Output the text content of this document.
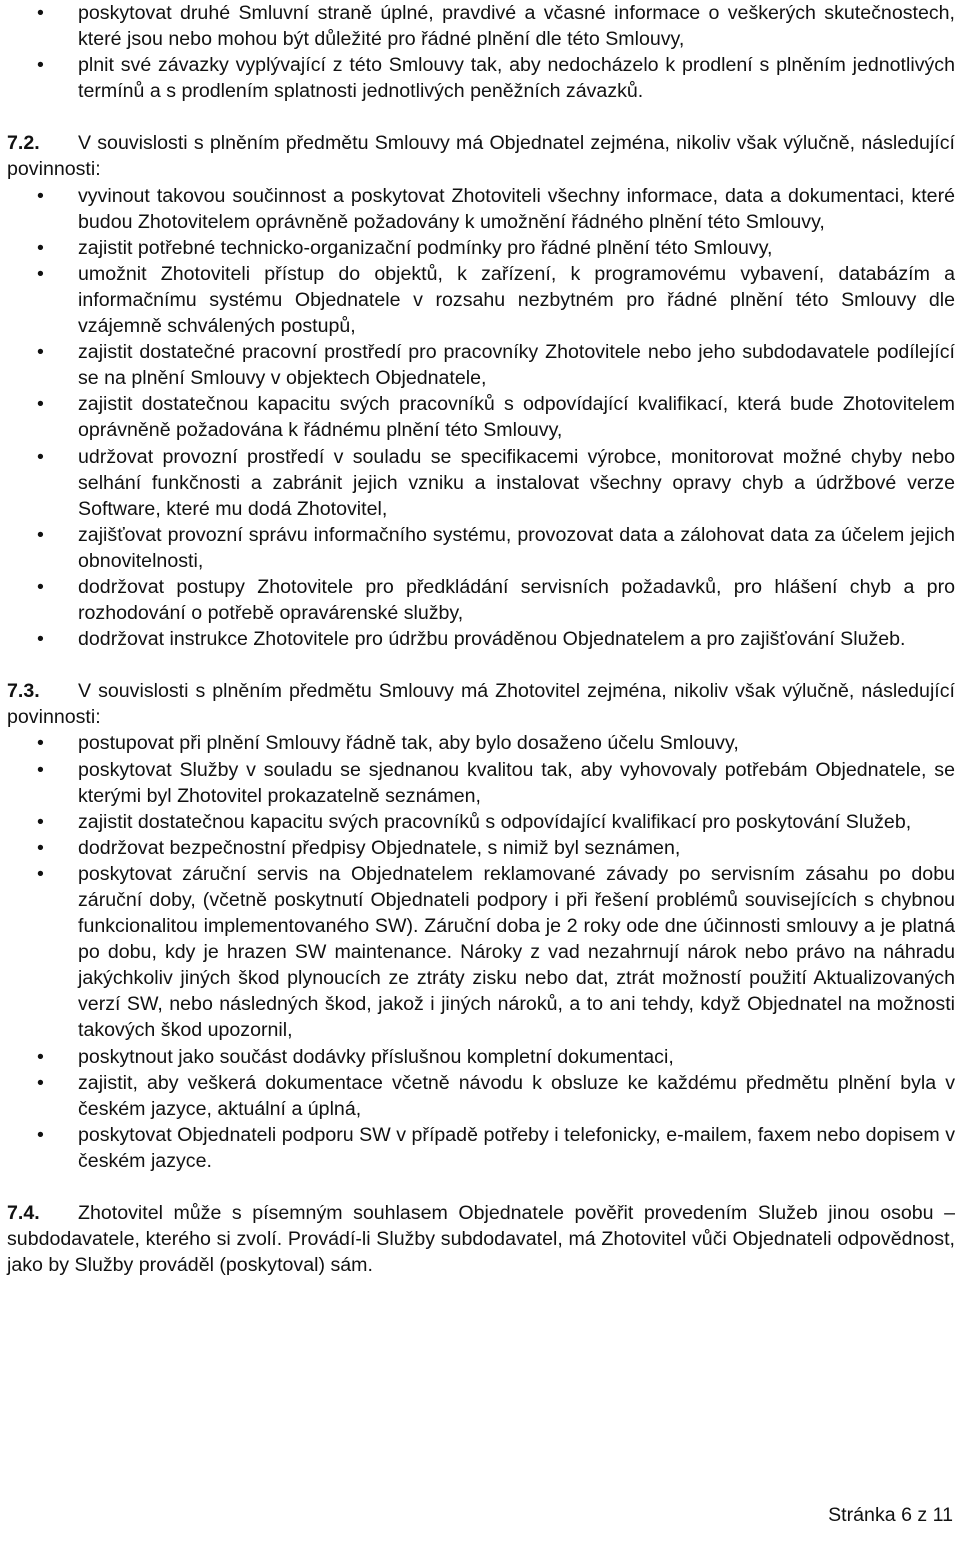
• poskytovat druhé Smluvní straně úplné, pravdivé a včasné informace o veškerých skutečnostech, které jsou nebo mohou být důležité pro řádné plnění dle této Smlouvy,
• plnit své závazky vyplývající z této Smlouvy tak, aby nedocházelo k prodlení s plněním jednotlivých termínů a s prodlením splatnosti jednotlivých peněžních závazků.

7.2. V souvislosti s plněním předmětu Smlouvy má Objednatel zejména, nikoliv však výlučně, následující povinnosti:

• vyvinout takovou součinnost a poskytovat Zhotoviteli všechny informace, data a dokumentaci, které budou Zhotovitelem oprávněně požadovány k umožnění řádného plnění této Smlouvy,
• zajistit potřebné technicko-organizační podmínky pro řádné plnění této Smlouvy,
• umožnit Zhotoviteli přístup do objektů, k zařízení, k programovému vybavení, databázím a informačnímu systému Objednatele v rozsahu nezbytném pro řádné plnění této Smlouvy dle vzájemně schválených postupů,
• zajistit dostatečné pracovní prostředí pro pracovníky Zhotovitele nebo jeho subdodavatele podílející se na plnění Smlouvy v objektech Objednatele,
• zajistit dostatečnou kapacitu svých pracovníků s odpovídající kvalifikací, která bude Zhotovitelem oprávněně požadována k řádnému plnění této Smlouvy,
• udržovat provozní prostředí v souladu se specifikacemi výrobce, monitorovat možné chyby nebo selhání funkčnosti a zabránit jejich vzniku a instalovat všechny opravy chyb a údržbové verze Software, které mu dodá Zhotovitel,
• zajišťovat provozní správu informačního systému, provozovat data a zálohovat data za účelem jejich obnovitelnosti,
• dodržovat postupy Zhotovitele pro předkládání servisních požadavků, pro hlášení chyb a pro rozhodování o potřebě opravárenské služby,
• dodržovat instrukce Zhotovitele pro údržbu prováděnou Objednatelem a pro zajišťování Služeb.

7.3. V souvislosti s plněním předmětu Smlouvy má Zhotovitel zejména, nikoliv však výlučně, následující povinnosti:

• postupovat při plnění Smlouvy řádně tak, aby bylo dosaženo účelu Smlouvy,
• poskytovat Služby v souladu se sjednanou kvalitou tak, aby vyhovovaly potřebám Objednatele, se kterými byl Zhotovitel prokazatelně seznámen,
• zajistit dostatečnou kapacitu svých pracovníků s odpovídající kvalifikací pro poskytování Služeb,
• dodržovat bezpečnostní předpisy Objednatele, s nimiž byl seznámen,
• poskytovat záruční servis na Objednatelem reklamované závady po servisním zásahu po dobu záruční doby, (včetně poskytnutí Objednateli podpory i při řešení problémů souvisejících s chybnou funkcionalitou implementovaného SW). Záruční doba je 2 roky ode dne účinnosti smlouvy a je platná po dobu, kdy je hrazen SW maintenance. Nároky z vad nezahrnují nárok nebo právo na náhradu jakýchkoliv jiných škod plynoucích ze ztráty zisku nebo dat, ztrát možností použití Aktualizovaných verzí SW, nebo následných škod, jakož i jiných nároků, a to ani tehdy, když Objednatel na možnosti takových škod upozornil,
• poskytnout jako součást dodávky příslušnou kompletní dokumentaci,
• zajistit, aby veškerá dokumentace včetně návodu k obsluze ke každému předmětu plnění byla v českém jazyce, aktuální a úplná,
• poskytovat Objednateli podporu SW v případě potřeby i telefonicky, e-mailem, faxem nebo dopisem v českém jazyce.

7.4. Zhotovitel může s písemným souhlasem Objednatele pověřit provedením Služeb jinou osobu – subdodavatele, kterého si zvolí. Provádí-li Služby subdodavatel, má Zhotovitel vůči Objednateli odpovědnost, jako by Služby prováděl (poskytoval) sám.

Stránka 6 z 11
